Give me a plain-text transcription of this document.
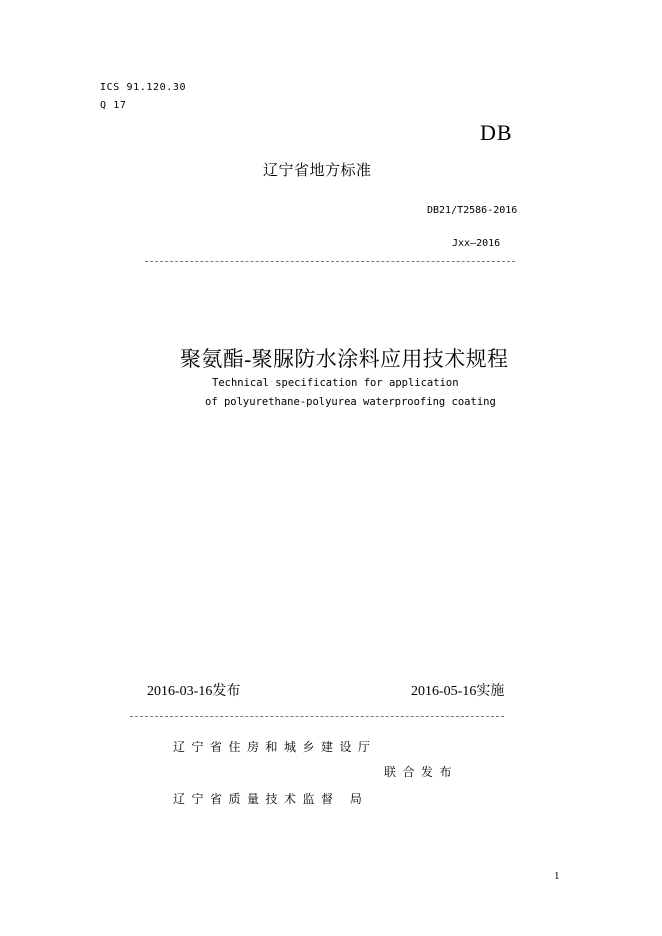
ICS 91.120.30
Q 17
DB
辽宁省地方标准
DB21/T2586-2016
Jxx—2016
聚氨酯-聚脲防水涂料应用技术规程
Technical specification for application
of polyurethane-polyurea waterproofing coating
2016-03-16发布	2016-05-16实施
辽宁省住房和城乡建设厅
联合发布
辽宁省质量技术监督 局
1
